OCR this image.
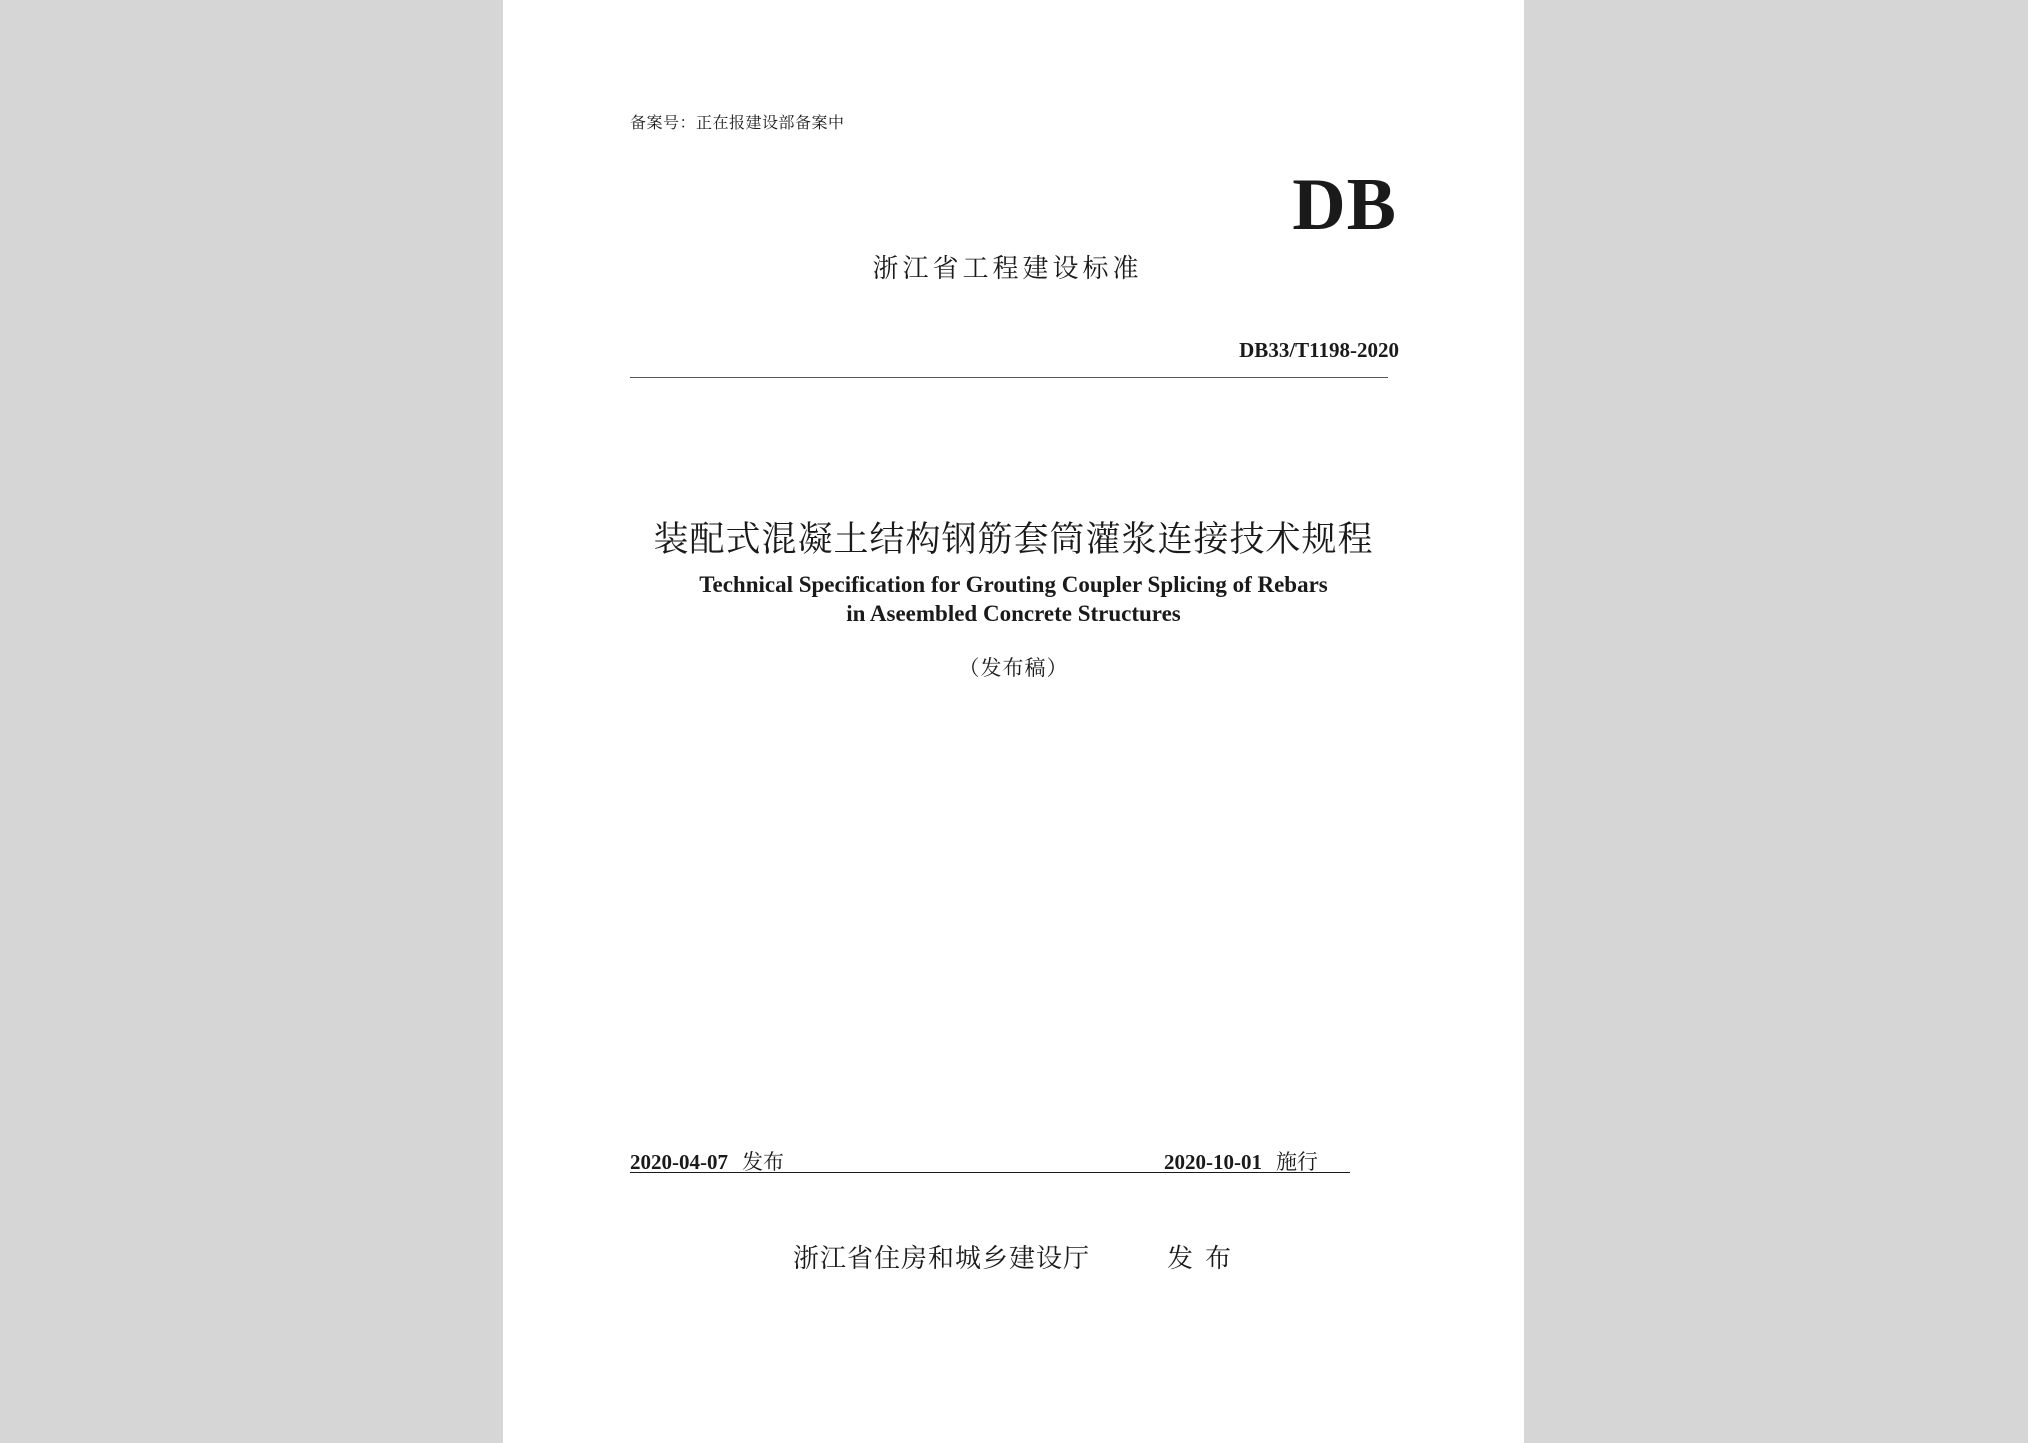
备案号：正在报建设部备案中
DB
浙江省工程建设标准
DB33/T1198-2020
装配式混凝土结构钢筋套筒灌浆连接技术规程
Technical Specification for Grouting Coupler Splicing of Rebars
in Aseembled Concrete Structures
（发布稿）
2020-04-07 发布	2020-10-01 施行
浙江省住房和城乡建设厅	发布
